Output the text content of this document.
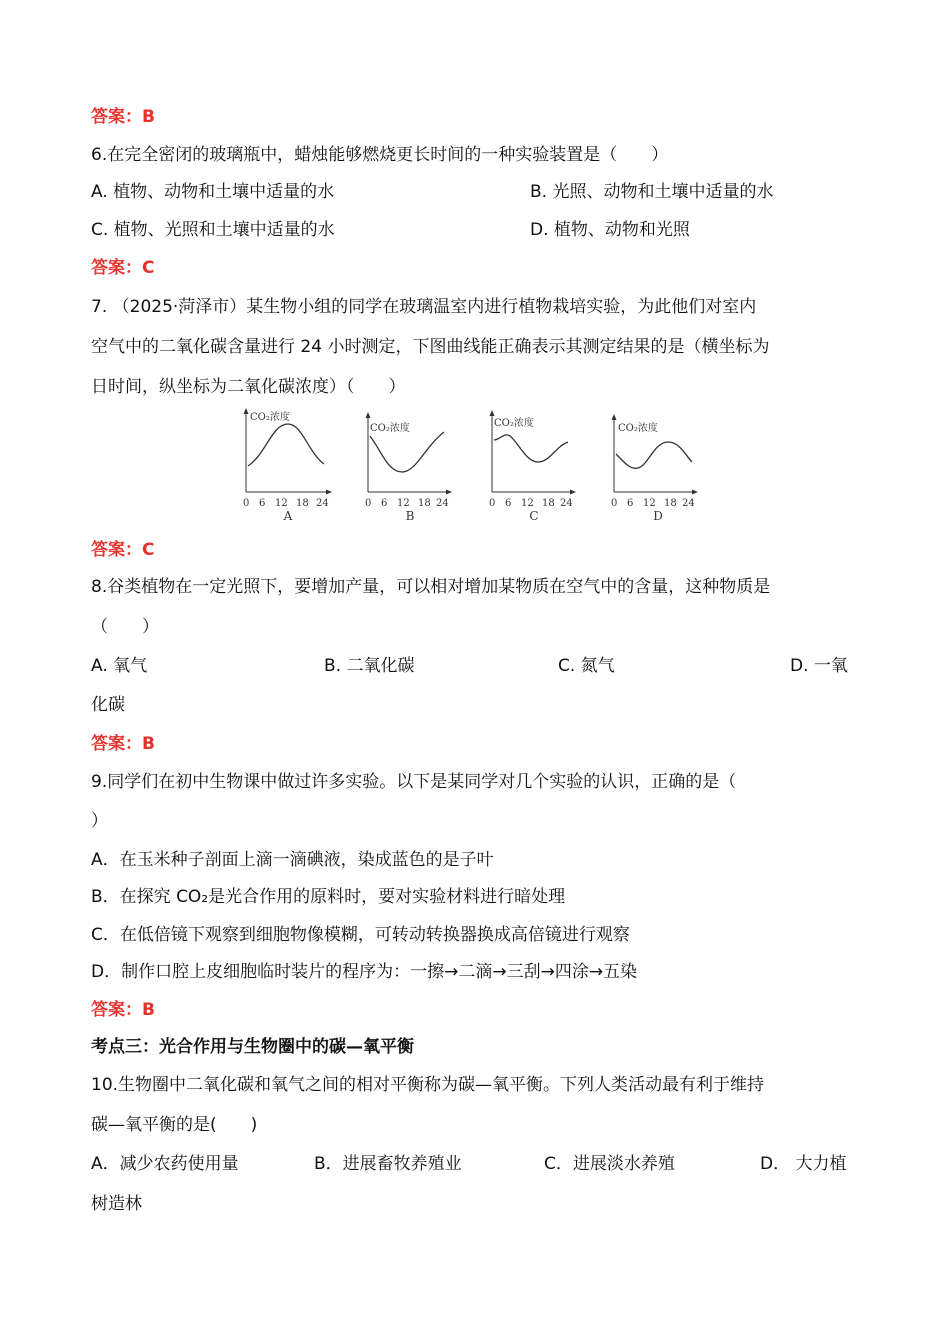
答案：B
6.在完全密闭的玻璃瓶中，蜡烛能够燃烧更长时间的一种实验装置是（　　）
A. 植物、动物和土壤中适量的水	B. 光照、动物和土壤中适量的水
C. 植物、光照和土壤中适量的水	D. 植物、动物和光照
答案：C
7. （2025·菏泽市）某生物小组的同学在玻璃温室内进行植物栽培实验，为此他们对室内
空气中的二氧化碳含量进行 24 小时测定，下图曲线能正确表示其测定结果的是（横坐标为
日时间，纵坐标为二氧化碳浓度）（　　）
CO₂浓度
0 6 12 18 24
A
CO₂浓度
0 6 12 18 24
B
CO₂浓度
0 6 12 18 24
C
CO₂浓度
0 6 12 18 24
D
答案：C
8.谷类植物在一定光照下，要增加产量，可以相对增加某物质在空气中的含量，这种物质是
（　　）
A. 氧气	B. 二氧化碳	C. 氮气	D. 一氧
化碳
答案：B
9.同学们在初中生物课中做过许多实验。以下是某同学对几个实验的认识，正确的是（
）
A．在玉米种子剖面上滴一滴碘液，染成蓝色的是子叶
B．在探究 CO₂是光合作用的原料时，要对实验材料进行暗处理
C．在低倍镜下观察到细胞物像模糊，可转动转换器换成高倍镜进行观察
D．制作口腔上皮细胞临时装片的程序为：一擦→二滴→三刮→四涂→五染
答案：B
考点三：光合作用与生物圈中的碳—氧平衡
10.生物圈中二氧化碳和氧气之间的相对平衡称为碳—氧平衡。下列人类活动最有利于维持
碳—氧平衡的是(　　)
A．减少农药使用量	B．进展畜牧养殖业	C．进展淡水养殖	D． 大力植
树造林
